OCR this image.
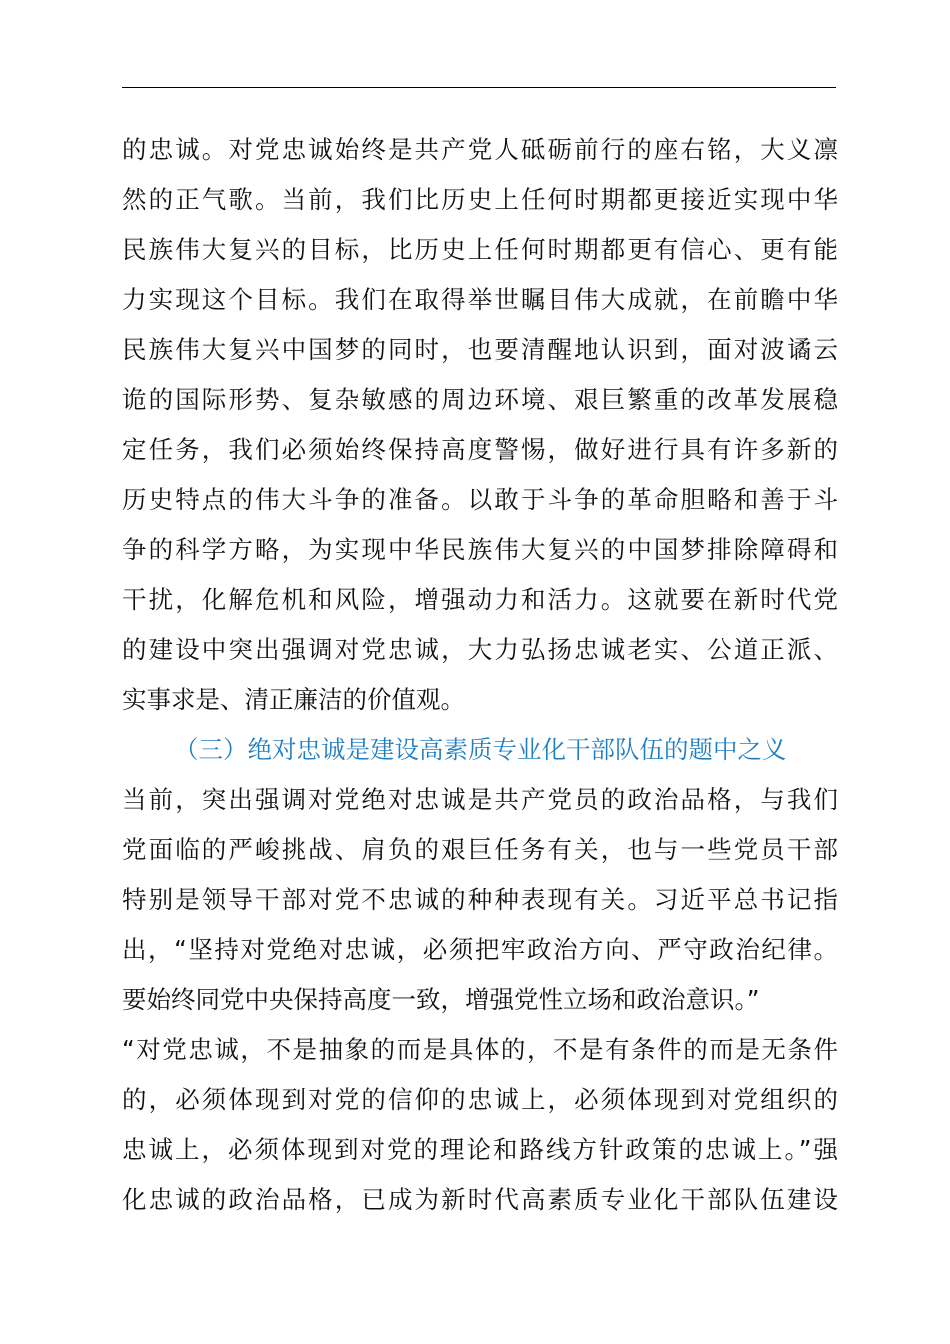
的忠诚。对党忠诚始终是共产党人砥砺前行的座右铭，大义凛
然的正气歌。当前，我们比历史上任何时期都更接近实现中华
民族伟大复兴的目标，比历史上任何时期都更有信心、更有能
力实现这个目标。我们在取得举世瞩目伟大成就，在前瞻中华
民族伟大复兴中国梦的同时，也要清醒地认识到，面对波谲云
诡的国际形势、复杂敏感的周边环境、艰巨繁重的改革发展稳
定任务，我们必须始终保持高度警惕，做好进行具有许多新的
历史特点的伟大斗争的准备。以敢于斗争的革命胆略和善于斗
争的科学方略，为实现中华民族伟大复兴的中国梦排除障碍和
干扰，化解危机和风险，增强动力和活力。这就要在新时代党
的建设中突出强调对党忠诚，大力弘扬忠诚老实、公道正派、
实事求是、清正廉洁的价值观。
（三）绝对忠诚是建设高素质专业化干部队伍的题中之义
当前，突出强调对党绝对忠诚是共产党员的政治品格，与我们
党面临的严峻挑战、肩负的艰巨任务有关，也与一些党员干部
特别是领导干部对党不忠诚的种种表现有关。习近平总书记指
出，“坚持对党绝对忠诚，必须把牢政治方向、严守政治纪律。
要始终同党中央保持高度一致，增强党性立场和政治意识。”
“对党忠诚，不是抽象的而是具体的，不是有条件的而是无条件
的，必须体现到对党的信仰的忠诚上，必须体现到对党组织的
忠诚上，必须体现到对党的理论和路线方针政策的忠诚上。”强
化忠诚的政治品格，已成为新时代高素质专业化干部队伍建设
